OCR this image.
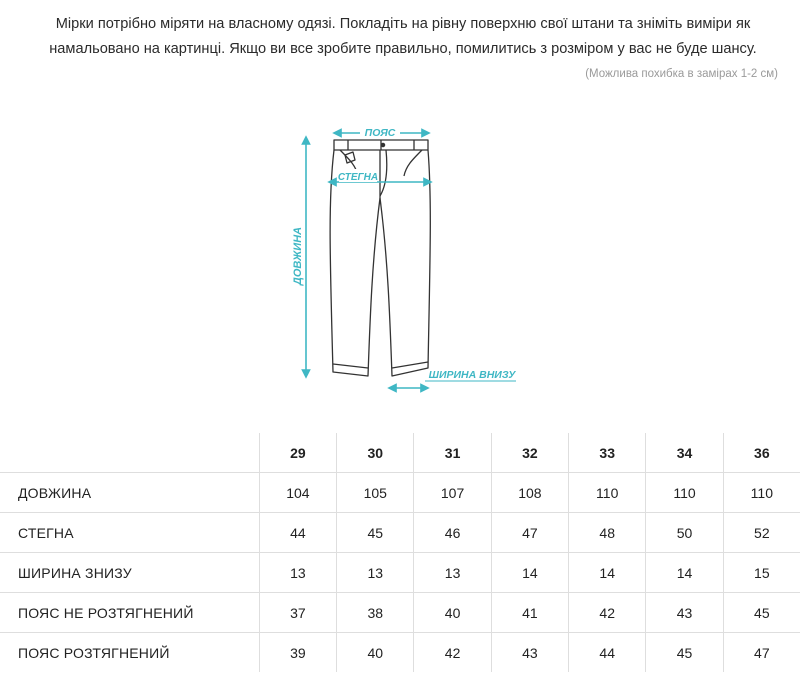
Мірки потрібно міряти на власному одязі. Покладіть на рівну поверхню свої штани та зніміть виміри як намальовано на картинці. Якщо ви все зробите правильно, помилитись з розміром у вас не буде шансу.
(Можлива похибка в замірах 1-2 см)
ПОЯС
СТЕГНА
ДОВЖИНА
ШИРИНА ВНИЗУ
	29	30	31	32	33	34	36
ДОВЖИНА	104	105	107	108	110	110	110
СТЕГНА	44	45	46	47	48	50	52
ШИРИНА ЗНИЗУ	13	13	13	14	14	14	15
ПОЯС НЕ РОЗТЯГНЕНИЙ	37	38	40	41	42	43	45
ПОЯС РОЗТЯГНЕНИЙ	39	40	42	43	44	45	47
